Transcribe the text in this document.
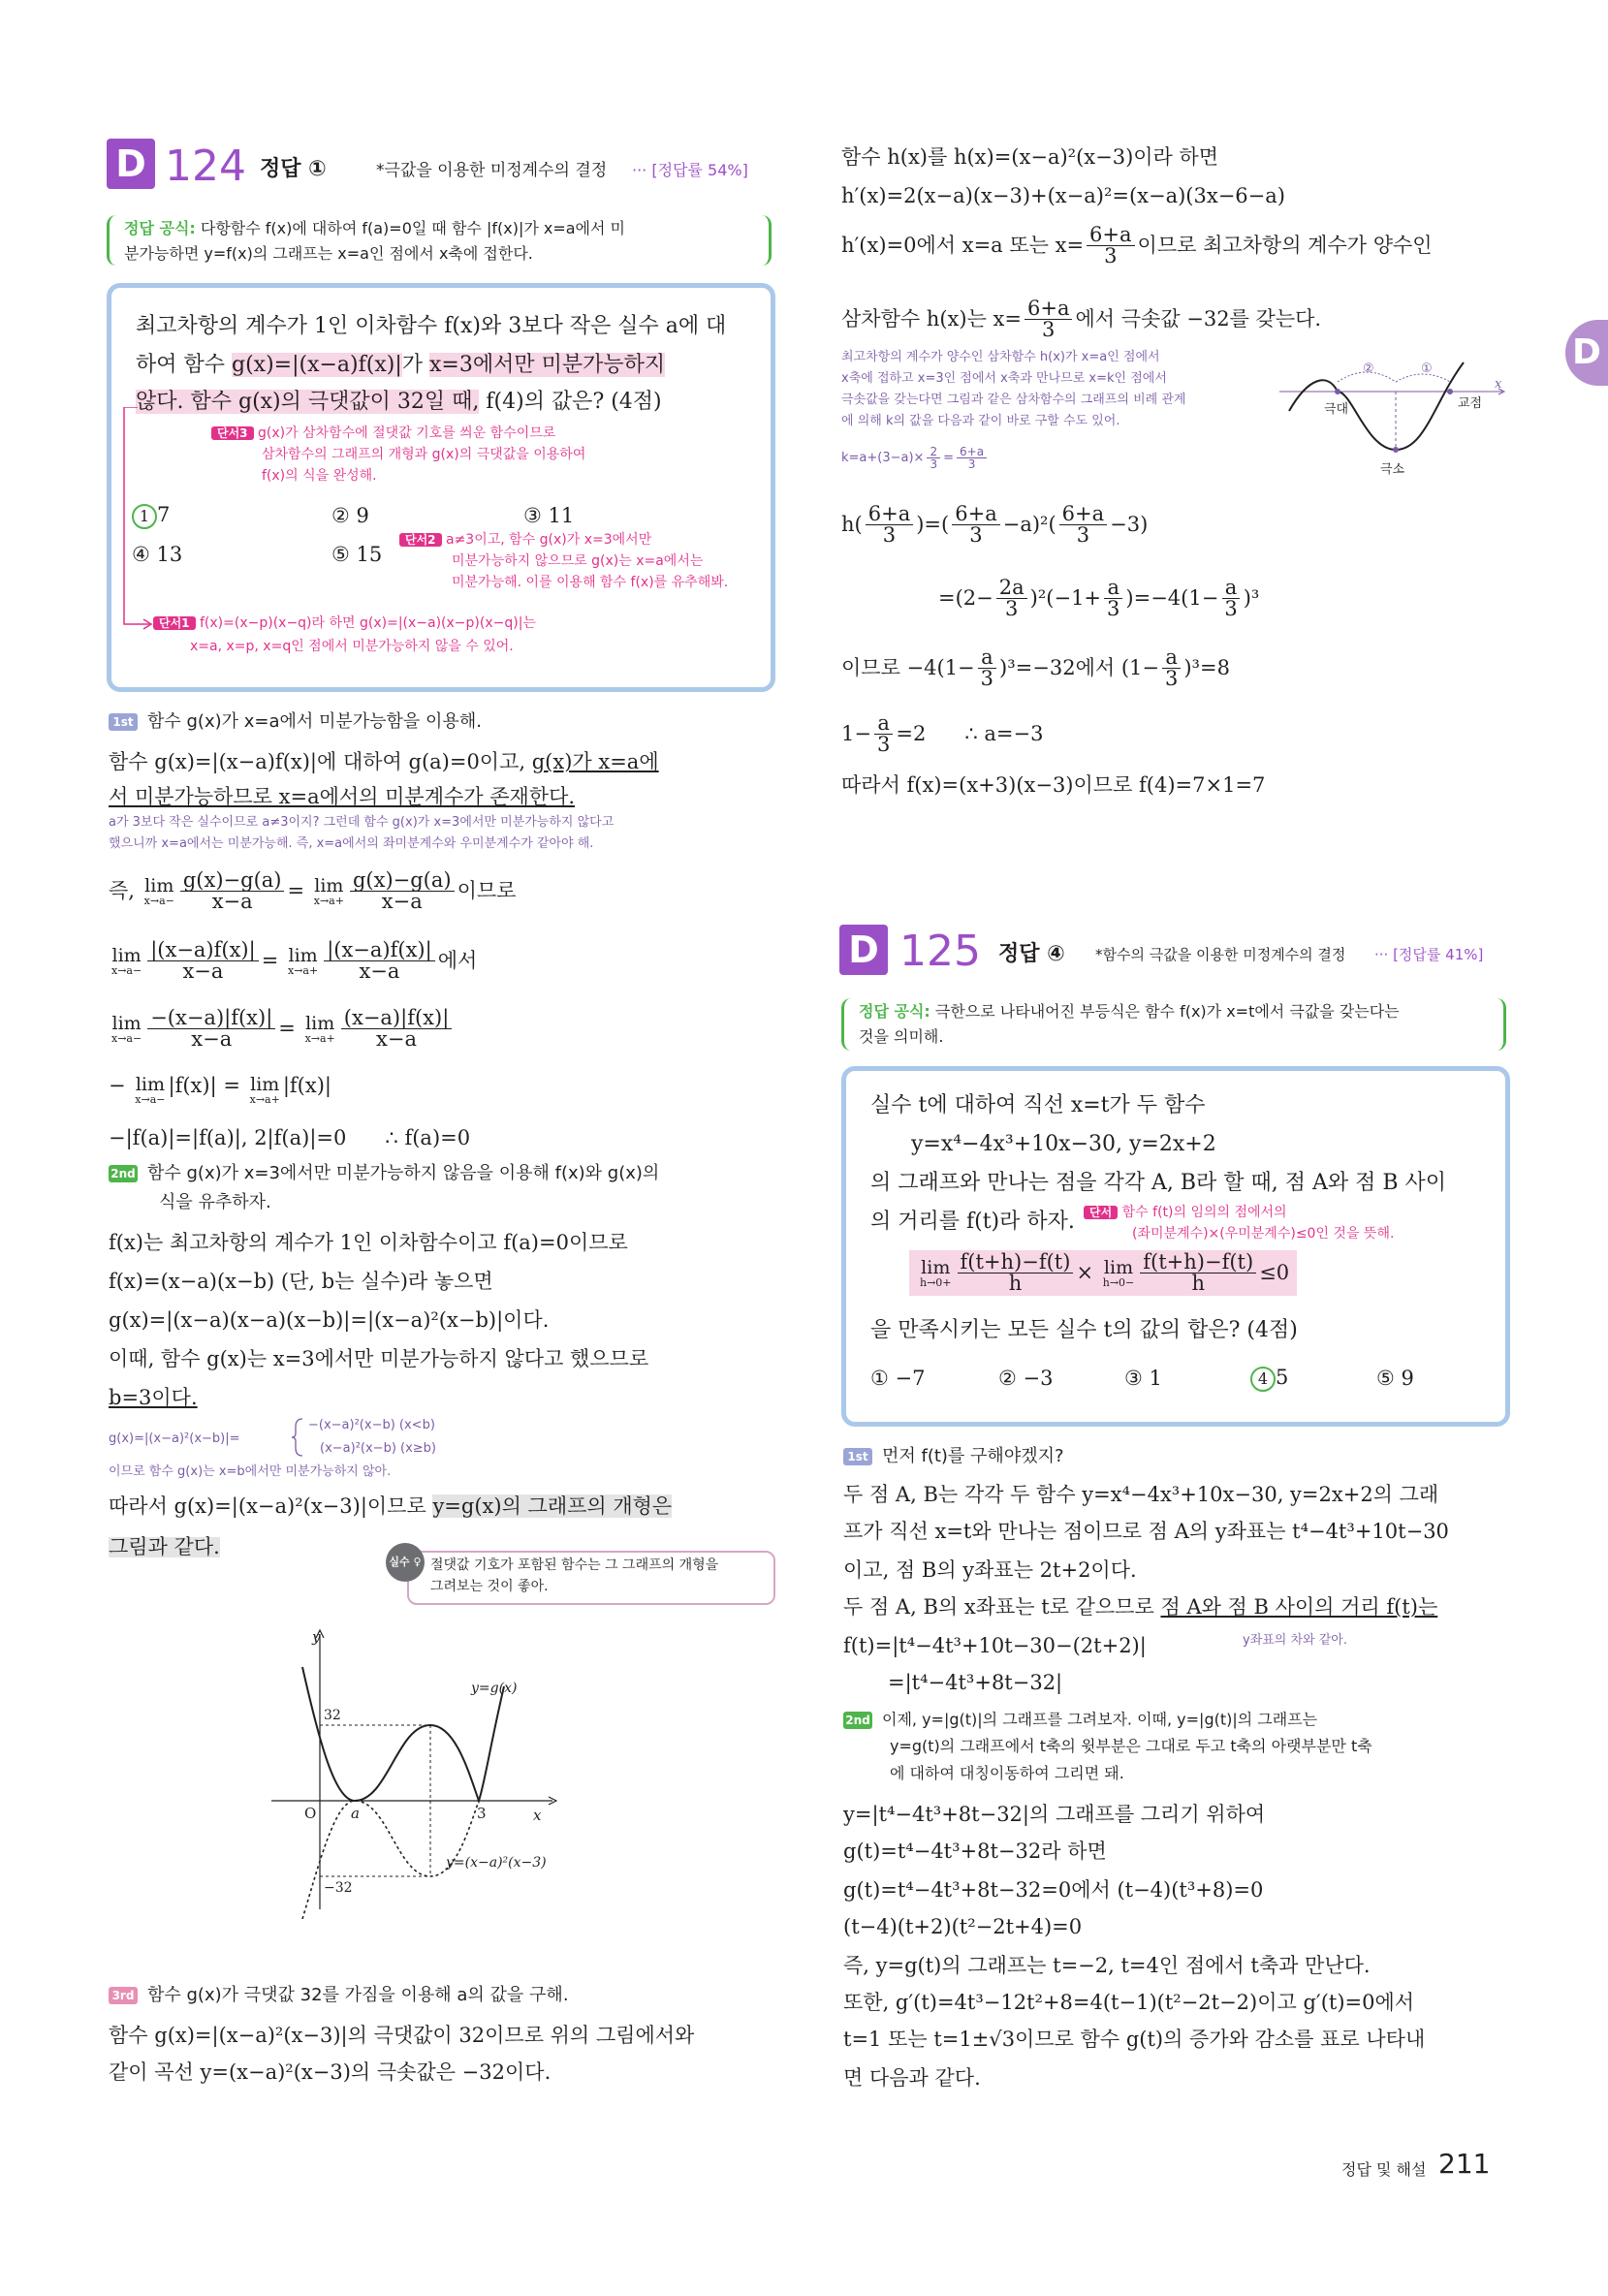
D 124 정답 ①	*극값을 이용한 미정계수의 결정 ··· [정답률 54%]
정답 공식: 다항함수 f(x)에 대하여 f(a)=0일 때 함수 |f(x)|가 x=a에서 미
분가능하면 y=f(x)의 그래프는 x=a인 점에서 x축에 접한다.
최고차항의 계수가 1인 이차함수 f(x)와 3보다 작은 실수 a에 대
하여 함수 g(x)=|(x−a)f(x)|가 x=3에서만 미분가능하지
않다. 함수 g(x)의 극댓값이 32일 때, f(4)의 값은? (4점)
단서3 g(x)가 삼차함수에 절댓값 기호를 씌운 함수이므로
삼차함수의 그래프의 개형과 g(x)의 극댓값을 이용하여
f(x)의 식을 완성해.
1 7	② 9	③ 11
④ 13	⑤ 15
단서2 a≠3이고, 함수 g(x)가 x=3에서만
미분가능하지 않으므로 g(x)는 x=a에서는
미분가능해. 이를 이용해 함수 f(x)를 유추해봐.
단서1 f(x)=(x−p)(x−q)라 하면 g(x)=|(x−a)(x−p)(x−q)|는
x=a, x=p, x=q인 점에서 미분가능하지 않을 수 있어.
1st 함수 g(x)가 x=a에서 미분가능함을 이용해.
함수 g(x)=|(x−a)f(x)|에 대하여 g(a)=0이고, g(x)가 x=a에
서 미분가능하므로 x=a에서의 미분계수가 존재한다.
a가 3보다 작은 실수이므로 a≠3이지? 그런데 함수 g(x)가 x=3에서만 미분가능하지 않다고
했으니까 x=a에서는 미분가능해. 즉, x=a에서의 좌미분계수와 우미분계수가 같아야 해.
즉,
lim
$x\to a- \frac{g(x)-g(a)}{x-a} = \lim$
$x\to a+ \frac{g(x)-g(a)}{x-a}$ 이므로
lim
$x\to a- \frac{|(x-a)f(x)|}{x-a} = \lim$
$x\to a+ \frac{|(x-a)f(x)|}{x-a}$ 에서
lim
$x\to a- \frac{-(x-a)|f(x)|}{x-a} = \lim$
$x\to a+ \frac{(x-a)|f(x)|}{x-a}$
−
lim
x→a−
|f(x)| =
lim
x→a+
|f(x)|
−|f(a)|=|f(a)|, 2|f(a)|=0 ∴ f(a)=0
2nd 함수 g(x)가 x=3에서만 미분가능하지 않음을 이용해 f(x)와 g(x)의
식을 유추하자.
f(x)는 최고차항의 계수가 1인 이차함수이고 f(a)=0이므로
f(x)=(x−a)(x−b) (단, b는 실수)라 놓으면
g(x)=|(x−a)(x−a)(x−b)|=|(x−a)²(x−b)|이다.
이때, 함수 g(x)는 x=3에서만 미분가능하지 않다고 했으므로
b=3이다.
g(x)=|(x−a)²(x−b)|=
−(x−a)²(x−b) (x<b)
(x−a)²(x−b) (x≥b)
이므로 함수 g(x)는 x=b에서만 미분가능하지 않아.
따라서 g(x)=|(x−a)²(x−3)|이므로 y=g(x)의 그래프의 개형은
그림과 같다.
실수 ♀ 절댓값 기호가 포함된 함수는 그 그래프의 개형을
그려보는 것이 좋아.
y
x
O a	3
32
−32
y=g(x)
y=(x−a)²(x−3)
3rd 함수 g(x)가 극댓값 32를 가짐을 이용해 a의 값을 구해.
함수 g(x)=|(x−a)²(x−3)|의 극댓값이 32이므로 위의 그림에서와
같이 곡선 y=(x−a)²(x−3)의 극솟값은 −32이다.
함수 h(x)를 h(x)=(x−a)²(x−3)이라 하면
h′(x)=2(x−a)(x−3)+(x−a)²=(x−a)(3x−6−a)
h′(x)=0에서 x=a 또는 $x= \frac{6+a}{3}$ 이므로 최고차항의 계수가 양수인
삼차함수 h(x)는 $x= \frac{6+a}{3}$ 에서 극솟값 −32를 갖는다.
최고차항의 계수가 양수인 삼차함수 h(x)가 x=a인 점에서
x축에 접하고 x=3인 점에서 x축과 만나므로 x=k인 점에서
극솟값을 갖는다면 그림과 같은 삼차함수의 그래프의 비례 관계
에 의해 k의 값을 다음과 같이 바로 구할 수도 있어.
$k=a+(3-a)\times \frac{2}{3} = \frac{6+a}{3}$
②	①
극대
극소
교점
x
h ( $\frac{6+a}{3}$ ) = ( $\frac{6+a}{3} -a$ )$^2( \frac{6+a}{3} -3$ )
= $(2- \frac{2a}{3} )^2( -1+ \frac{a}{3}$ ) =−4 ( $1- \frac{a}{3} )^3$
이므로 −4 $(1- \frac{a}{3} )^3 =-32$에서 $(1- \frac{a}{3} )^3 =8$
$1- \frac{a}{3} =2$
∴ a=−3
따라서 f(x)=(x+3)(x−3)이므로 f(4)=7×1=7
D 125 정답 ④ *함수의 극값을 이용한 미정계수의 결정 ··· [정답률 41%]
정답 공식: 극한으로 나타내어진 부등식은 함수 f(x)가 x=t에서 극값을 갖는다는
것을 의미해.
실수 t에 대하여 직선 x=t가 두 함수
y=x⁴−4x³+10x−30, y=2x+2
의 그래프와 만나는 점을 각각 A, B라 할 때, 점 A와 점 B 사이
의 거리를 f(t)라 하자.	단서 함수 f(t)의 임의의 점에서의
(좌미분계수)×(우미분계수)≤0인 것을 뜻해.
lim
$h\to 0+ \frac{f(t+h)-f(t)}{h}$ ×
lim
$h\to 0- \frac{f(t+h)-f(t)}{h} \le 0$
을 만족시키는 모든 실수 t의 값의 합은? (4점)
① −7	② −3	③ 1	4 5	⑤ 9
1st 먼저 f(t)를 구해야겠지?
두 점 A, B는 각각 두 함수 y=x⁴−4x³+10x−30, y=2x+2의 그래
프가 직선 x=t와 만나는 점이므로 점 A의 y좌표는 t⁴−4t³+10t−30
이고, 점 B의 y좌표는 2t+2이다.
두 점 A, B의 x좌표는 t로 같으므로 점 A와 점 B 사이의 거리 f(t)는
f(t)=|t⁴−4t³+10t−30−(2t+2)|	y좌표의 차와 같아.
=|t⁴−4t³+8t−32|
2nd 이제, y=|g(t)|의 그래프를 그려보자. 이때, y=|g(t)|의 그래프는
y=g(t)의 그래프에서 t축의 윗부분은 그대로 두고 t축의 아랫부분만 t축
에 대하여 대칭이동하여 그리면 돼.
y=|t⁴−4t³+8t−32|의 그래프를 그리기 위하여
g(t)=t⁴−4t³+8t−32라 하면
g(t)=t⁴−4t³+8t−32=0에서 (t−4)(t³+8)=0
(t−4)(t+2)(t²−2t+4)=0
즉, y=g(t)의 그래프는 t=−2, t=4인 점에서 t축과 만난다.
또한, g′(t)=4t³−12t²+8=4(t−1)(t²−2t−2)이고 g′(t)=0에서
t=1 또는 t=1±√3이므로 함수 g(t)의 증가와 감소를 표로 나타내
면 다음과 같다.
D
정답 및 해설 211
